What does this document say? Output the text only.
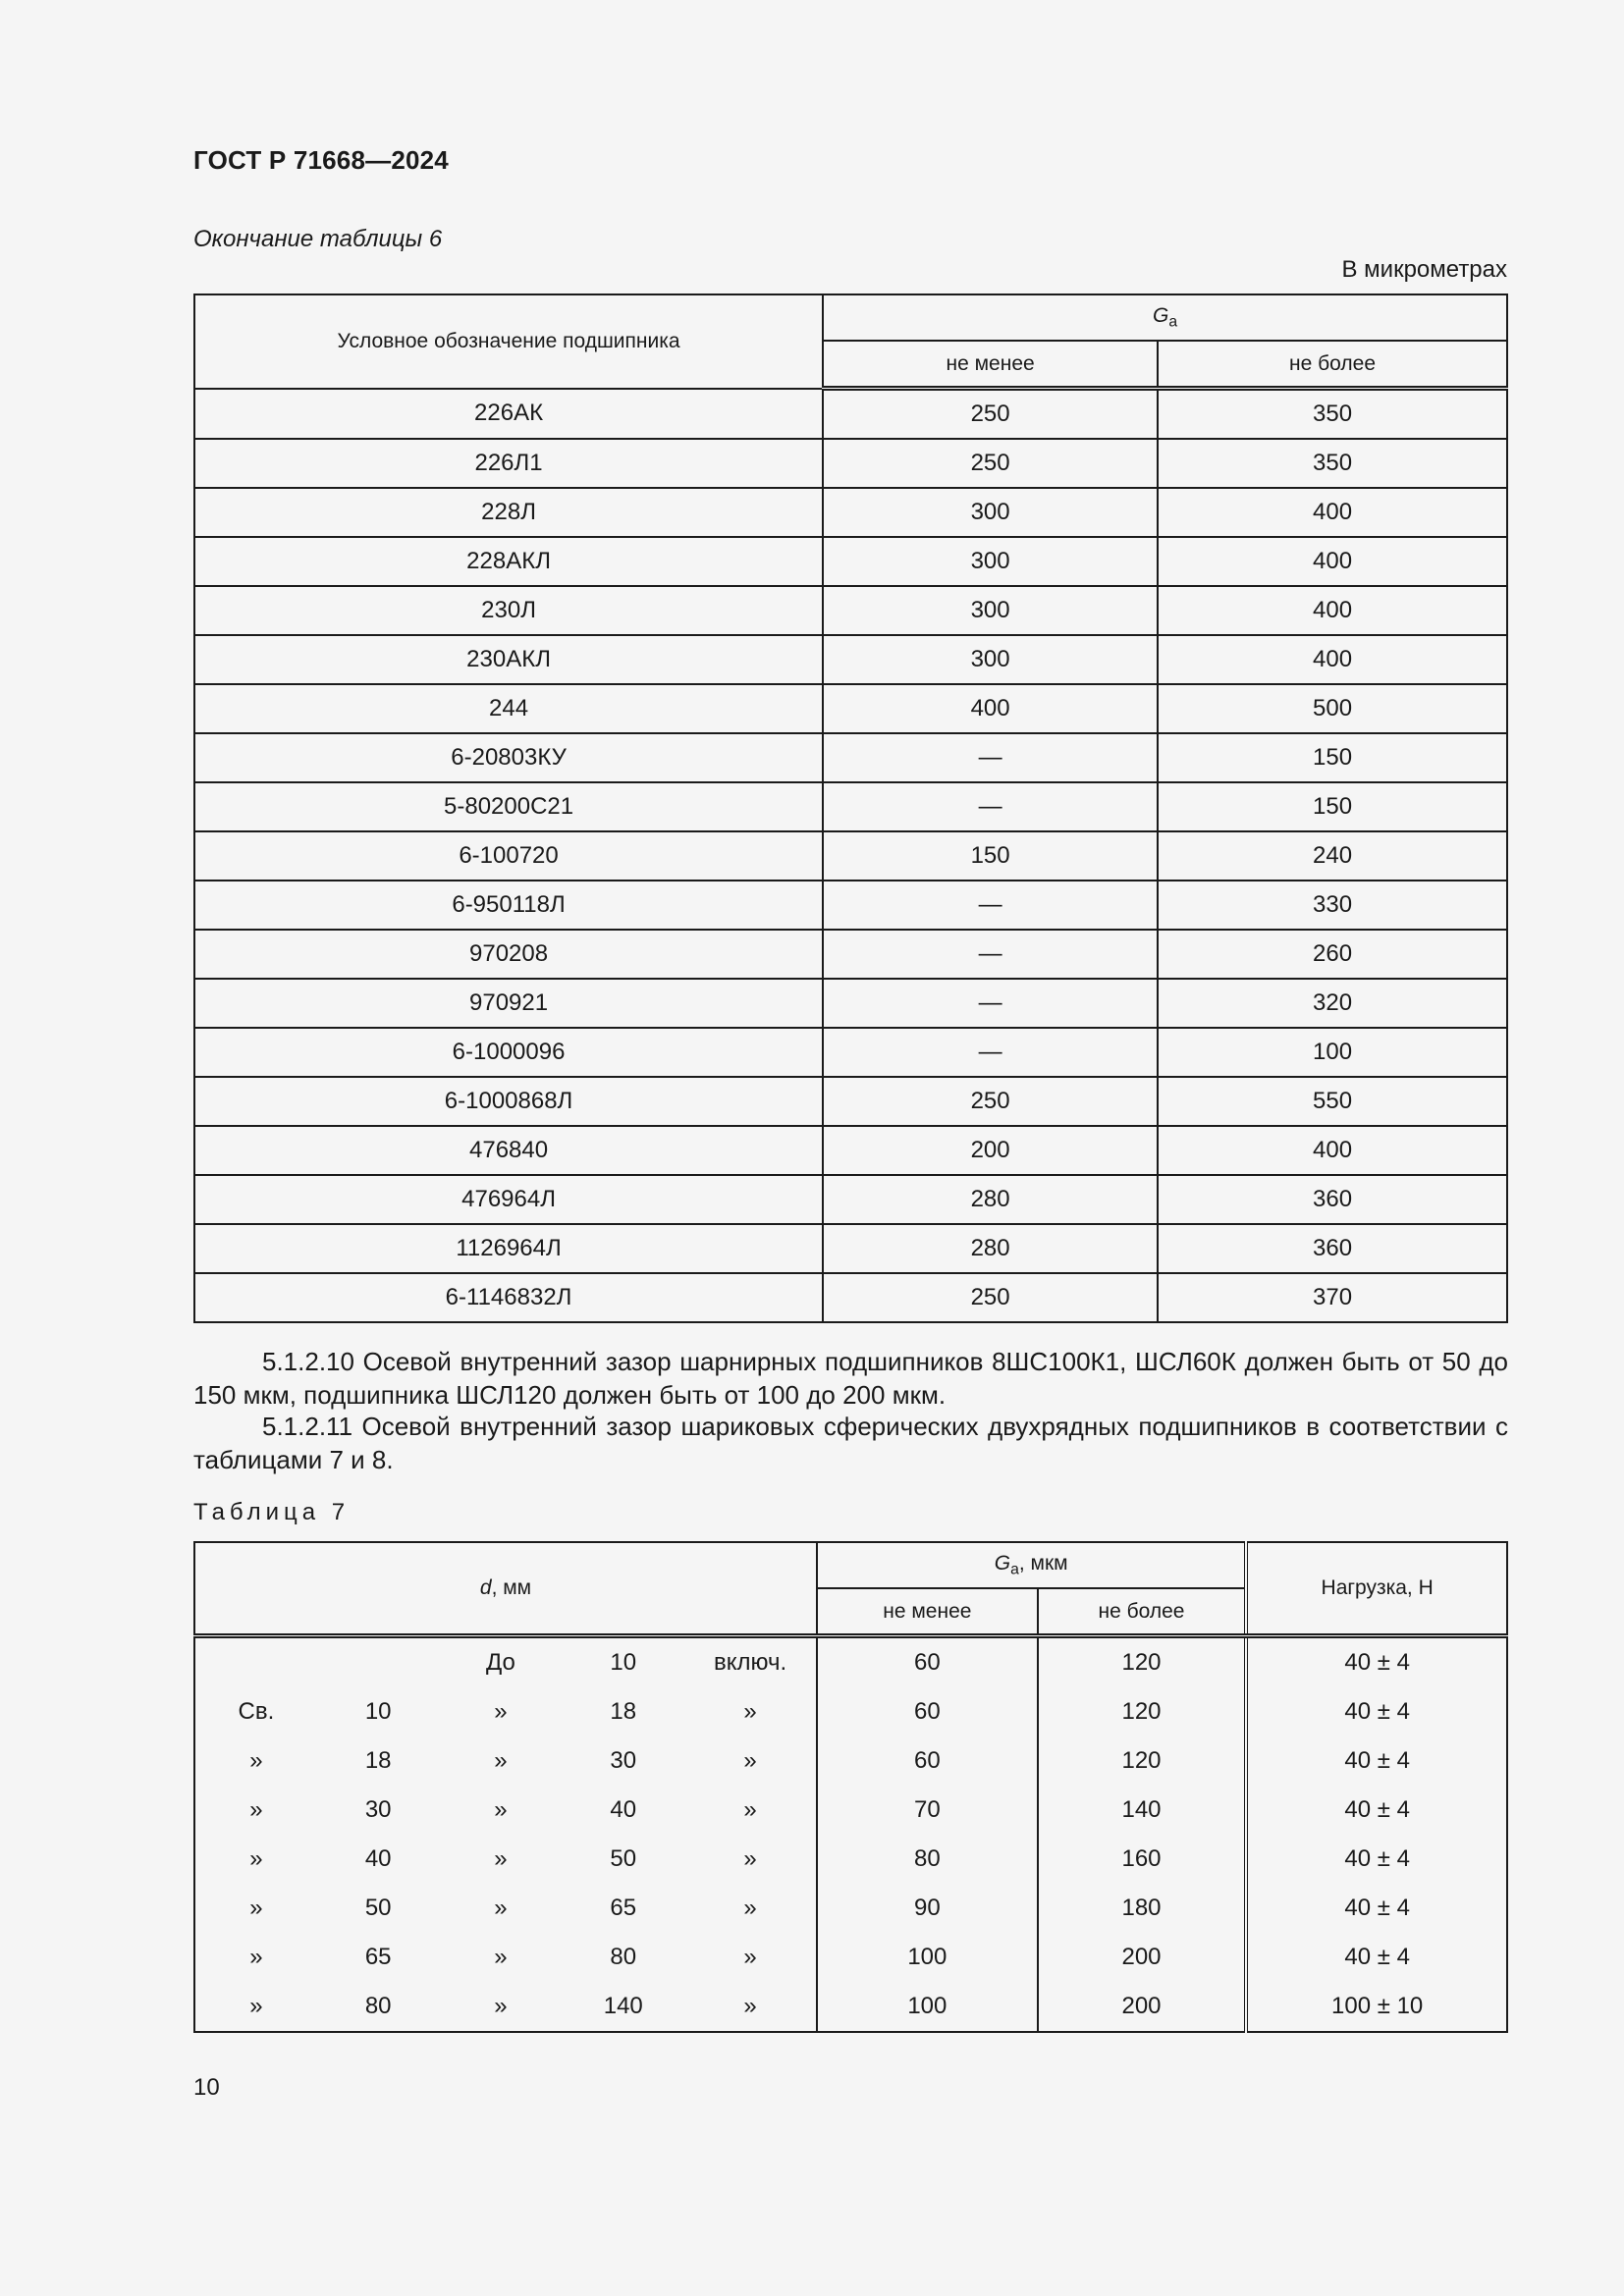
ГОСТ Р 71668—2024
Окончание таблицы 6
В микрометрах
Условное обозначение подшипника	$G_a$
	не менее	не более
226АК	250	350
226Л1	250	350
228Л	300	400
228АКЛ	300	400
230Л	300	400
230АКЛ	300	400
244	400	500
6-20803КУ	—	150
5-80200С21	—	150
6-100720	150	240
6-950118Л	—	330
970208	—	260
970921	—	320
6-1000096	—	100
6-1000868Л	250	550
476840	200	400
476964Л	280	360
1126964Л	280	360
6-1146832Л	250	370
5.1.2.10 Осевой внутренний зазор шарнирных подшипников 8ШС100К1, ШСЛ60К должен быть от 50 до 150 мкм, подшипника ШСЛ120 должен быть от 100 до 200 мкм.
5.1.2.11 Осевой внутренний зазор шариковых сферических двухрядных подшипников в соответствии с таблицами 7 и 8.
Таблица 7
d, мм					$G_a$, мкм		Нагрузка, Н
					не менее	не более	
		До	10	включ.	60	120	40 ± 4
Св.	10	»	18	»	60	120	40 ± 4
»	18	»	30	»	60	120	40 ± 4
»	30	»	40	»	70	140	40 ± 4
»	40	»	50	»	80	160	40 ± 4
»	50	»	65	»	90	180	40 ± 4
»	65	»	80	»	100	200	40 ± 4
»	80	»	140	»	100	200	100 ± 10
10
